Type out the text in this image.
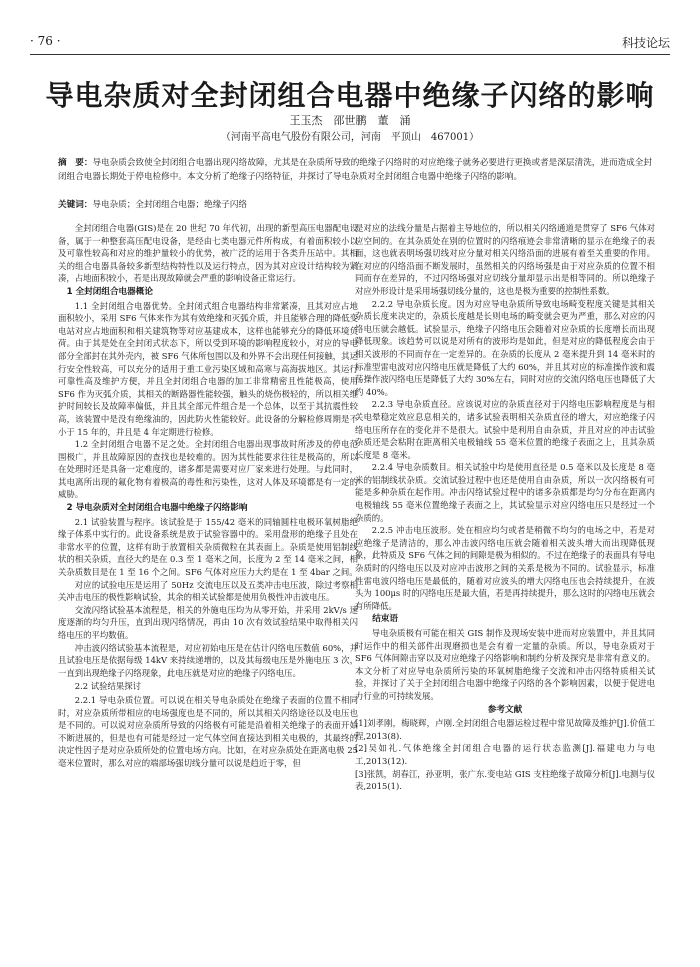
· 76 ·	科技论坛
导电杂质对全封闭组合电器中绝缘子闪络的影响
王玉杰　邵世鹏　董　涌
（河南平高电气股份有限公司，河南　平顶山　467001）
摘　要：导电杂质会致使全封闭组合电器出现闪络故障，尤其是在杂质所导致的绝缘子闪络时的对应绝缘子就务必要进行更换或者是深层清洗，进而造成全封闭组合电器长期处于停电检修中。本文分析了绝缘子闪络特征，并探讨了导电杂质对全封闭组合电器中绝缘子闪络的影响。
关键词：导电杂质；全封闭组合电器；绝缘子闪络

全封闭组合电器(GIS)是在 20 世纪 70 年代初，出现的新型高压电器配电设备，属于一种整套高压配电设备，是经由七类电器元件所构成，有着面积较小以及可靠性较高和对应的维护量较小的优势，被广泛的运用于各类升压站中。其相关的组合电器具备较多新型结构特性以及运行特点，因为其对应设计结构较为紧凑，占地面积较小，若是出现故障就会严重的影响设备正常运行。

1 全封闭组合电器概论

1.1 全封闭组合电器优势。全封闭式组合电器结构非常紧凑，且其对应占地面积较小，采用 SF6 气体来作为其有效绝缘和灭弧介质，并且能够合理的降低变电站对应占地面积和相关建筑物等对应基建成本，这样也能够充分的降低环境负荷。由于其是处在全封闭式状态下，所以受到环境的影响程度较小，对应的导电部分全部封在其外壳内，被 SF6 气体所包围以及和外界不会出现任何接触，其运行安全性较高，可以充分的适用于重工业污染区域和高寒与高海拔地区。其运行可靠性高及维护方便，并且全封闭组合电器的加工非常精密且性能极高，使用 SF6 作为灭弧介质，其相关的断路器性能较强，触头的烧伤极轻的，所以相关维护时间较长及故障率偏低，并且其全部元件组合是一个总体，以至于其抗震性较高，该装置中是没有绝缘油的，因此防火性能较好。此设备的分解检修周期是不小于 15 年的，并且是 4 年定期进行检修。

1.2 全封闭组合电器不足之处。全封闭组合电器出现事故时所涉及的停电范围极广，并且故障原因的查找也是较难的。因为其性能要求往往是极高的，所以在处理时还是具备一定难度的，诸多都是需要对应厂家来进行处理。与此同时，其电离所出现的氟化物有着极高的毒性和污染性，这对人体及环境都是有一定的威胁。

2 导电杂质对全封闭组合电器中绝缘子闪络影响

2.1 试验装置与程序。该试验是于 155/42 毫米的同轴圆柱电极环氧树脂绝缘子体系中实行的。此设备系统是放于试验容器中的。采用盘形的绝缘子且处在非常水平的位置，这样有助于放置相关杂质微粒在其表面上。杂质是使用铝制线状的相关杂质，直径大约是在 0.3 至 1 毫米之间，长度为 2 至 14 毫米之间，相关杂质数目是在 1 至 16 个之间。SF6 气体对应压力大约是在 1 至 4bar 之间。

对应的试验电压是运用了 50Hz 交流电压以及五类冲击电压波，除过考察相关冲击电压的极性影响试验，其余的相关试验都是使用负极性冲击波电压。

交流闪络试验基本流程是，相关的外施电压均为从零开始，并采用 2kV/s 速度逐渐的均匀升压，直到出现闪络情况，再由 10 次有效试验结果中取得相关闪络电压的平均数值。

冲击波闪络试验基本流程是，对应初始电压是在估计闪络电压数值 60%，并且试验电压是依据每级 14kV 来持续递增的，以及其每级电压是外施电压 3 次，一直到出现绝缘子闪络现象，此电压就是对应的绝缘子闪络电压。

2.2 试验结果探讨

2.2.1 导电杂质位置。可以说在相关导电杂质处在绝缘子表面的位置不相同时，对应杂质所带相应的电场强度也是不同的，所以其相关闪络途径以及电压也是不同的。可以说对应杂质所导致的闪络极有可能是沿着相关绝缘子的表面开始不断进展的，但是也有可能是经过一定气体空间直接达到相关电极的，其最终的决定性因子是对应杂质所处的位置电场方向。比如，在对应杂质处在距离电极 25 毫米位置时，那么对应的端部场强切线分量可以说是趋近于零，但

是对应的法线分量是占据着主导地位的，所以相关闪络通道是贯穿了 SF6 气体对应空间的。在其杂质处在别的位置时的闪络痕迹会非常清晰的显示在绝缘子的表面，这也就表明场强切线对应分量对相关闪络沿面的进展有着至关重要的作用。在对应的闪络沿面不断发展时，虽然相关的闪络场强是由于对应杂质的位置不相同而存在差异的，不过闪络场强对应切线分量却显示出是相等同的。所以绝缘子对应外形设计是采用场强切线分量的，这也是极为重要的控制性系数。

2.2.2 导电杂质长度。因为对应导电杂质所导致电场畸变程度关键是其相关杂质长度来决定的，杂质长度越是长则电场的畸变就会更为严重，那么对应的闪络电压就会越低。试验显示，绝缘子闪络电压会随着对应杂质的长度增长而出现降低现象。该趋势可以说是对所有的波形均是如此，但是对应的降低程度会由于相关波形的不同而存在一定差异的。在杂质的长度从 2 毫米提升到 14 毫米时的标准型雷电波对应闪络电压就是降低了大约 60%，并且其对应的标准操作波和震荡操作波闪络电压是降低了大约 30%左右，同时对应的交流闪络电压也降低了大约 40%。

2.2.3 导电杂质直径。应该说对应的杂质直径对于闪络电压影响程度是与相关电晕稳定效应息息相关的，诸多试验表明相关杂质直径的增大，对应绝缘子闪络电压所存在的变化并不是很大。试验中是利用自由杂质，并且对应的冲击试验杂质还是会粘附在距离相关电极轴线 55 毫米位置的绝缘子表面之上，且其杂质长度是 8 毫米。

2.2.4 导电杂质数目。相关试验中均是使用直径是 0.5 毫米以及长度是 8 毫米的铝制线状杂质。交流试验过程中也还是使用自由杂质，所以一次闪络极有可能是多种杂质在起作用。冲击闪络试验过程中的诸多杂质都是均匀分布在距离内电极轴线 55 毫米位置绝缘子表面之上，其试验显示对应闪络电压只是经过一个杂质的。

2.2.5 冲击电压波形。处在相应均匀或者是稍微不均匀的电场之中，若是对应绝缘子是清洁的，那么冲击波闪络电压就会随着相关波头增大而出现降低现象，此特质及 SF6 气体之间的间隙是极为相似的。不过在绝缘子的表面具有导电杂质时的闪络电压以及对应冲击波形之间的关系是极为不同的。试验显示，标准性雷电波闪络电压是最低的，随着对应波头的增大闪络电压也会持续提升，在波头为 100μs 时的闪络电压是最大值，若是再持续提升，那么这时的闪络电压就会有所降低。

结束语

导电杂质极有可能在相关 GIS 制作及现场安装中进而对应装置中，并且其同时运作中的相关部件出现磨损也是会有着一定量的杂质。所以，导电杂质对于 SF6 气体间隙击穿以及对应绝缘子闪络影响和制约分析及探究是非常有意义的。本文分析了对应导电杂质所污染的环氧树脂绝缘子交流和冲击闪络特质相关试验，并探讨了关于全封闭组合电器中绝缘子闪络的各个影响因素，以便于促进电力行业的可持续发展。

参考文献

[1]刘孝刚，梅晓辉，卢刚.全封闭组合电器运检过程中常见故障及维护[J].价值工程,2013(8).

[2]吴如礼.气体绝缘全封闭组合电器的运行状态监测[J].福建电力与电工,2013(12).

[3]张凯，胡春江，孙亚明，张广东.变电站 GIS 支柱绝缘子故障分析[J].电测与仪表,2015(1).
